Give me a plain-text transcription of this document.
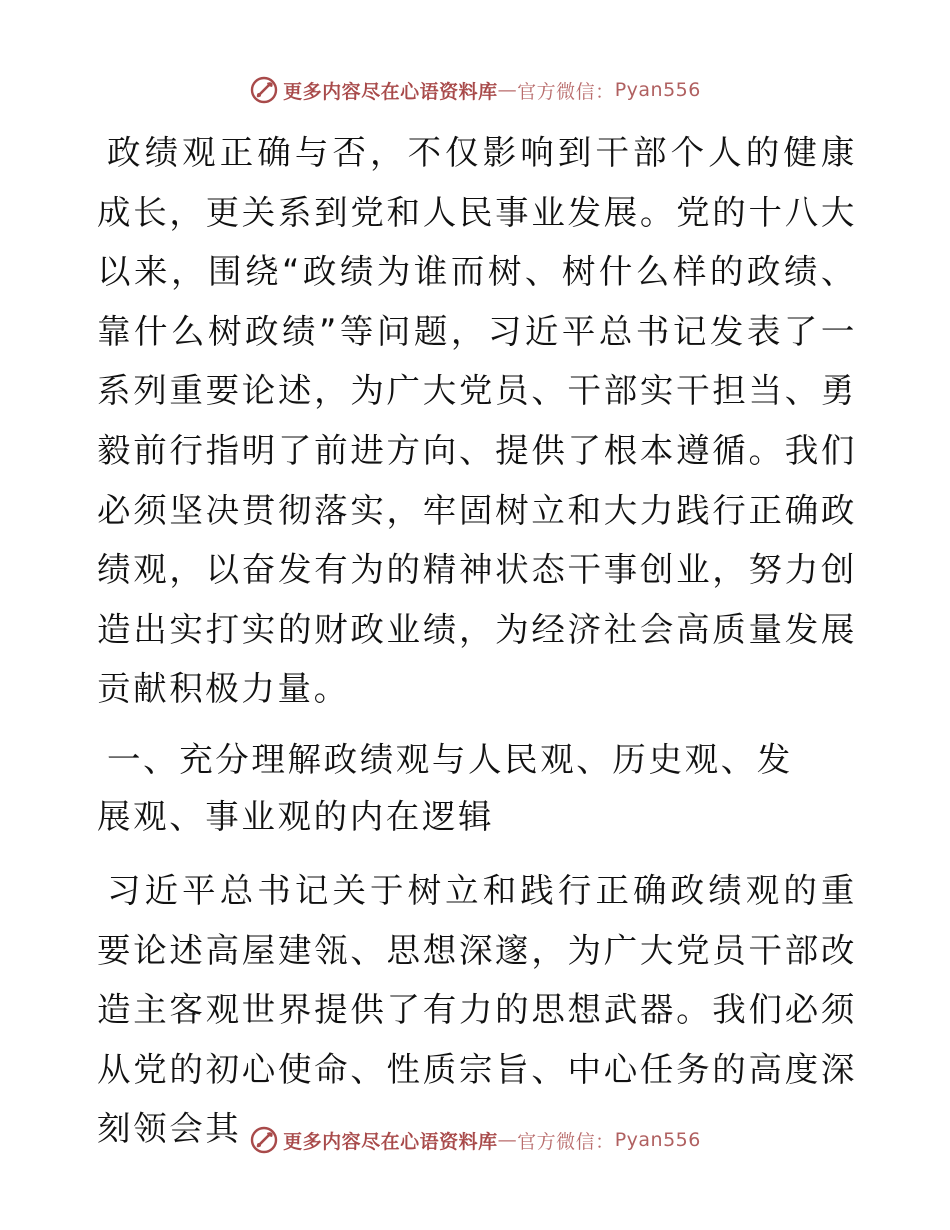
更多内容尽在心语资料库 — 官方微信： Pyan556

政绩观正确与否，不仅影响到干部个人的健康成长，更关系到党和人民事业发展。党的十八大以来，围绕“政绩为谁而树、树什么样的政绩、靠什么树政绩”等问题，习近平总书记发表了一系列重要论述，为广大党员、干部实干担当、勇毅前行指明了前进方向、提供了根本遵循。我们必须坚决贯彻落实，牢固树立和大力践行正确政绩观，以奋发有为的精神状态干事创业，努力创造出实打实的财政业绩，为经济社会高质量发展贡献积极力量。

一、充分理解政绩观与人民观、历史观、发展观、事业观的内在逻辑

习近平总书记关于树立和践行正确政绩观的重要论述高屋建瓴、思想深邃，为广大党员干部改造主客观世界提供了有力的思想武器。我们必须从党的初心使命、性质宗旨、中心任务的高度深刻领会其	更多内容尽在心语资料库 — 官方微信： Pyan556
